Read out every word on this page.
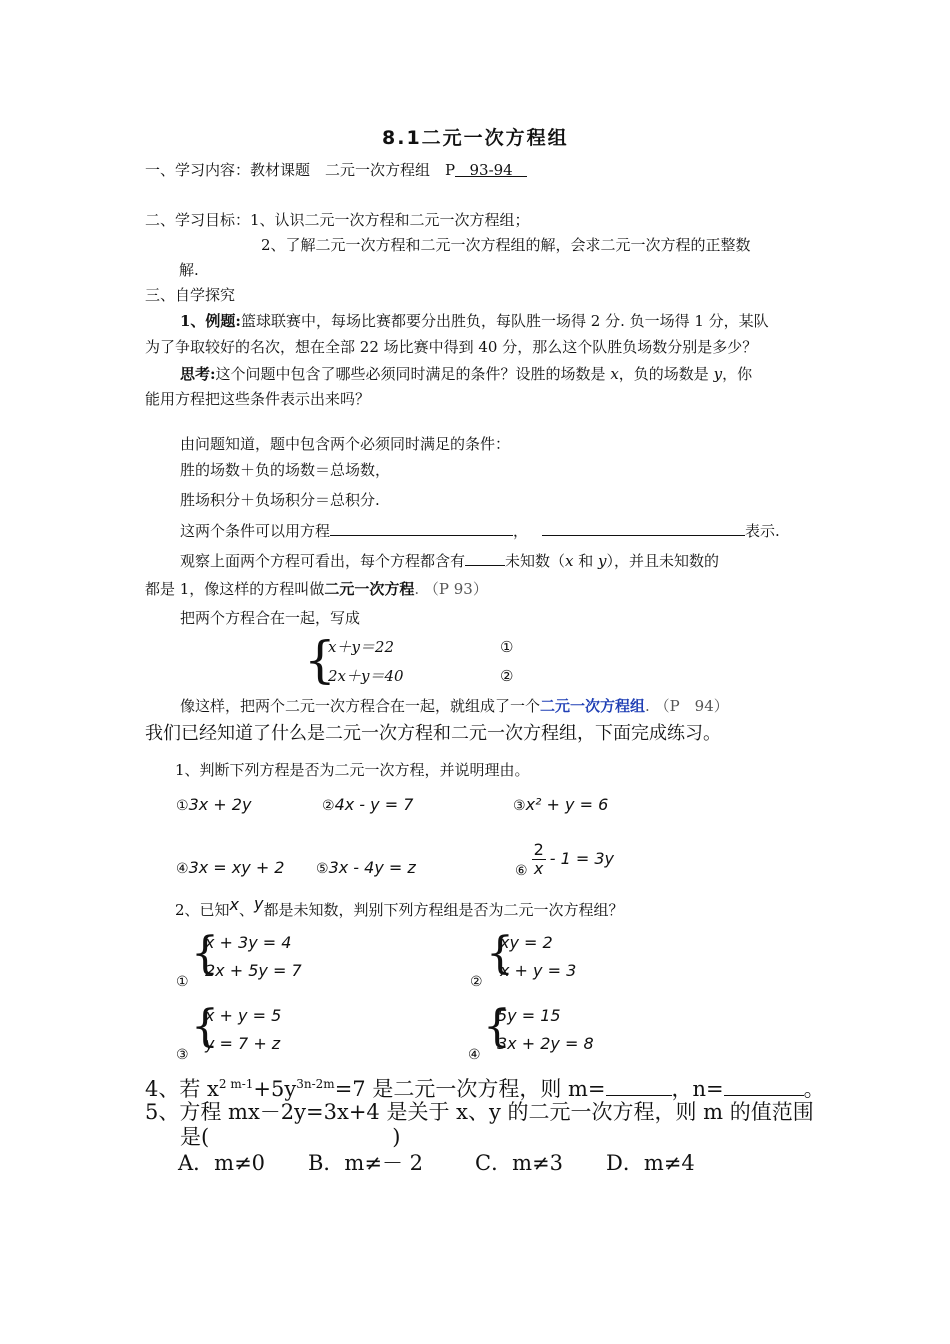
8.1二元一次方程组
一、学习内容：教材课题　二元一次方程组　P 93-94
二、学习目标：1、认识二元一次方程和二元一次方程组；
2、了解二元一次方程和二元一次方程组的解，会求二元一次方程的正整数
解.
三、自学探究
1、例题:篮球联赛中，每场比赛都要分出胜负，每队胜一场得 2 分. 负一场得 1 分，某队
为了争取较好的名次，想在全部 22 场比赛中得到 40 分，那么这个队胜负场数分别是多少？
思考:这个问题中包含了哪些必须同时满足的条件？设胜的场数是 x，负的场数是 y，你
能用方程把这些条件表示出来吗？
由问题知道，题中包含两个必须同时满足的条件：
胜的场数＋负的场数＝总场数，
胜场积分＋负场积分＝总积分.
这两个条件可以用方程	，	表示.
观察上面两个方程可看出，每个方程都含有	未知数（x 和 y），并且未知数的
都是 1，像这样的方程叫做二元一次方程. （P 93）
把两个方程合在一起，写成
{
x＋y＝22	①
2x＋y＝40	②
像这样，把两个二元一次方程合在一起，就组成了一个二元一次方程组. （P　94）
我们已经知道了什么是二元一次方程和二元一次方程组，下面完成练习。
1、判断下列方程是否为二元一次方程，并说明理由。
①3x + 2y	②4x - y = 7	③x² + y = 6
④3x = xy + 2 ⑤3x - 4y = z	⑥ $\frac{2}{x} - 1 = 3y$
2、已知x、y都是未知数，判别下列方程组是否为二元一次方程组？
①
{
x + 3y = 4
2x + 5y = 7
②
{
xy = 2
x + y = 3
③
{
x + y = 5
y = 7 + z
④
{
5y = 15
3x + 2y = 8
4、若 $x^{2 m-1}+5y^{3n-2m}=7$ 是二元一次方程，则 m=	，n=	。
5、方程 mx－2y=3x+4 是关于 x、y 的二元一次方程，则 m 的值范围
是(	)
A．m≠0 B．m≠－ 2 C．m≠3 D．m≠4
